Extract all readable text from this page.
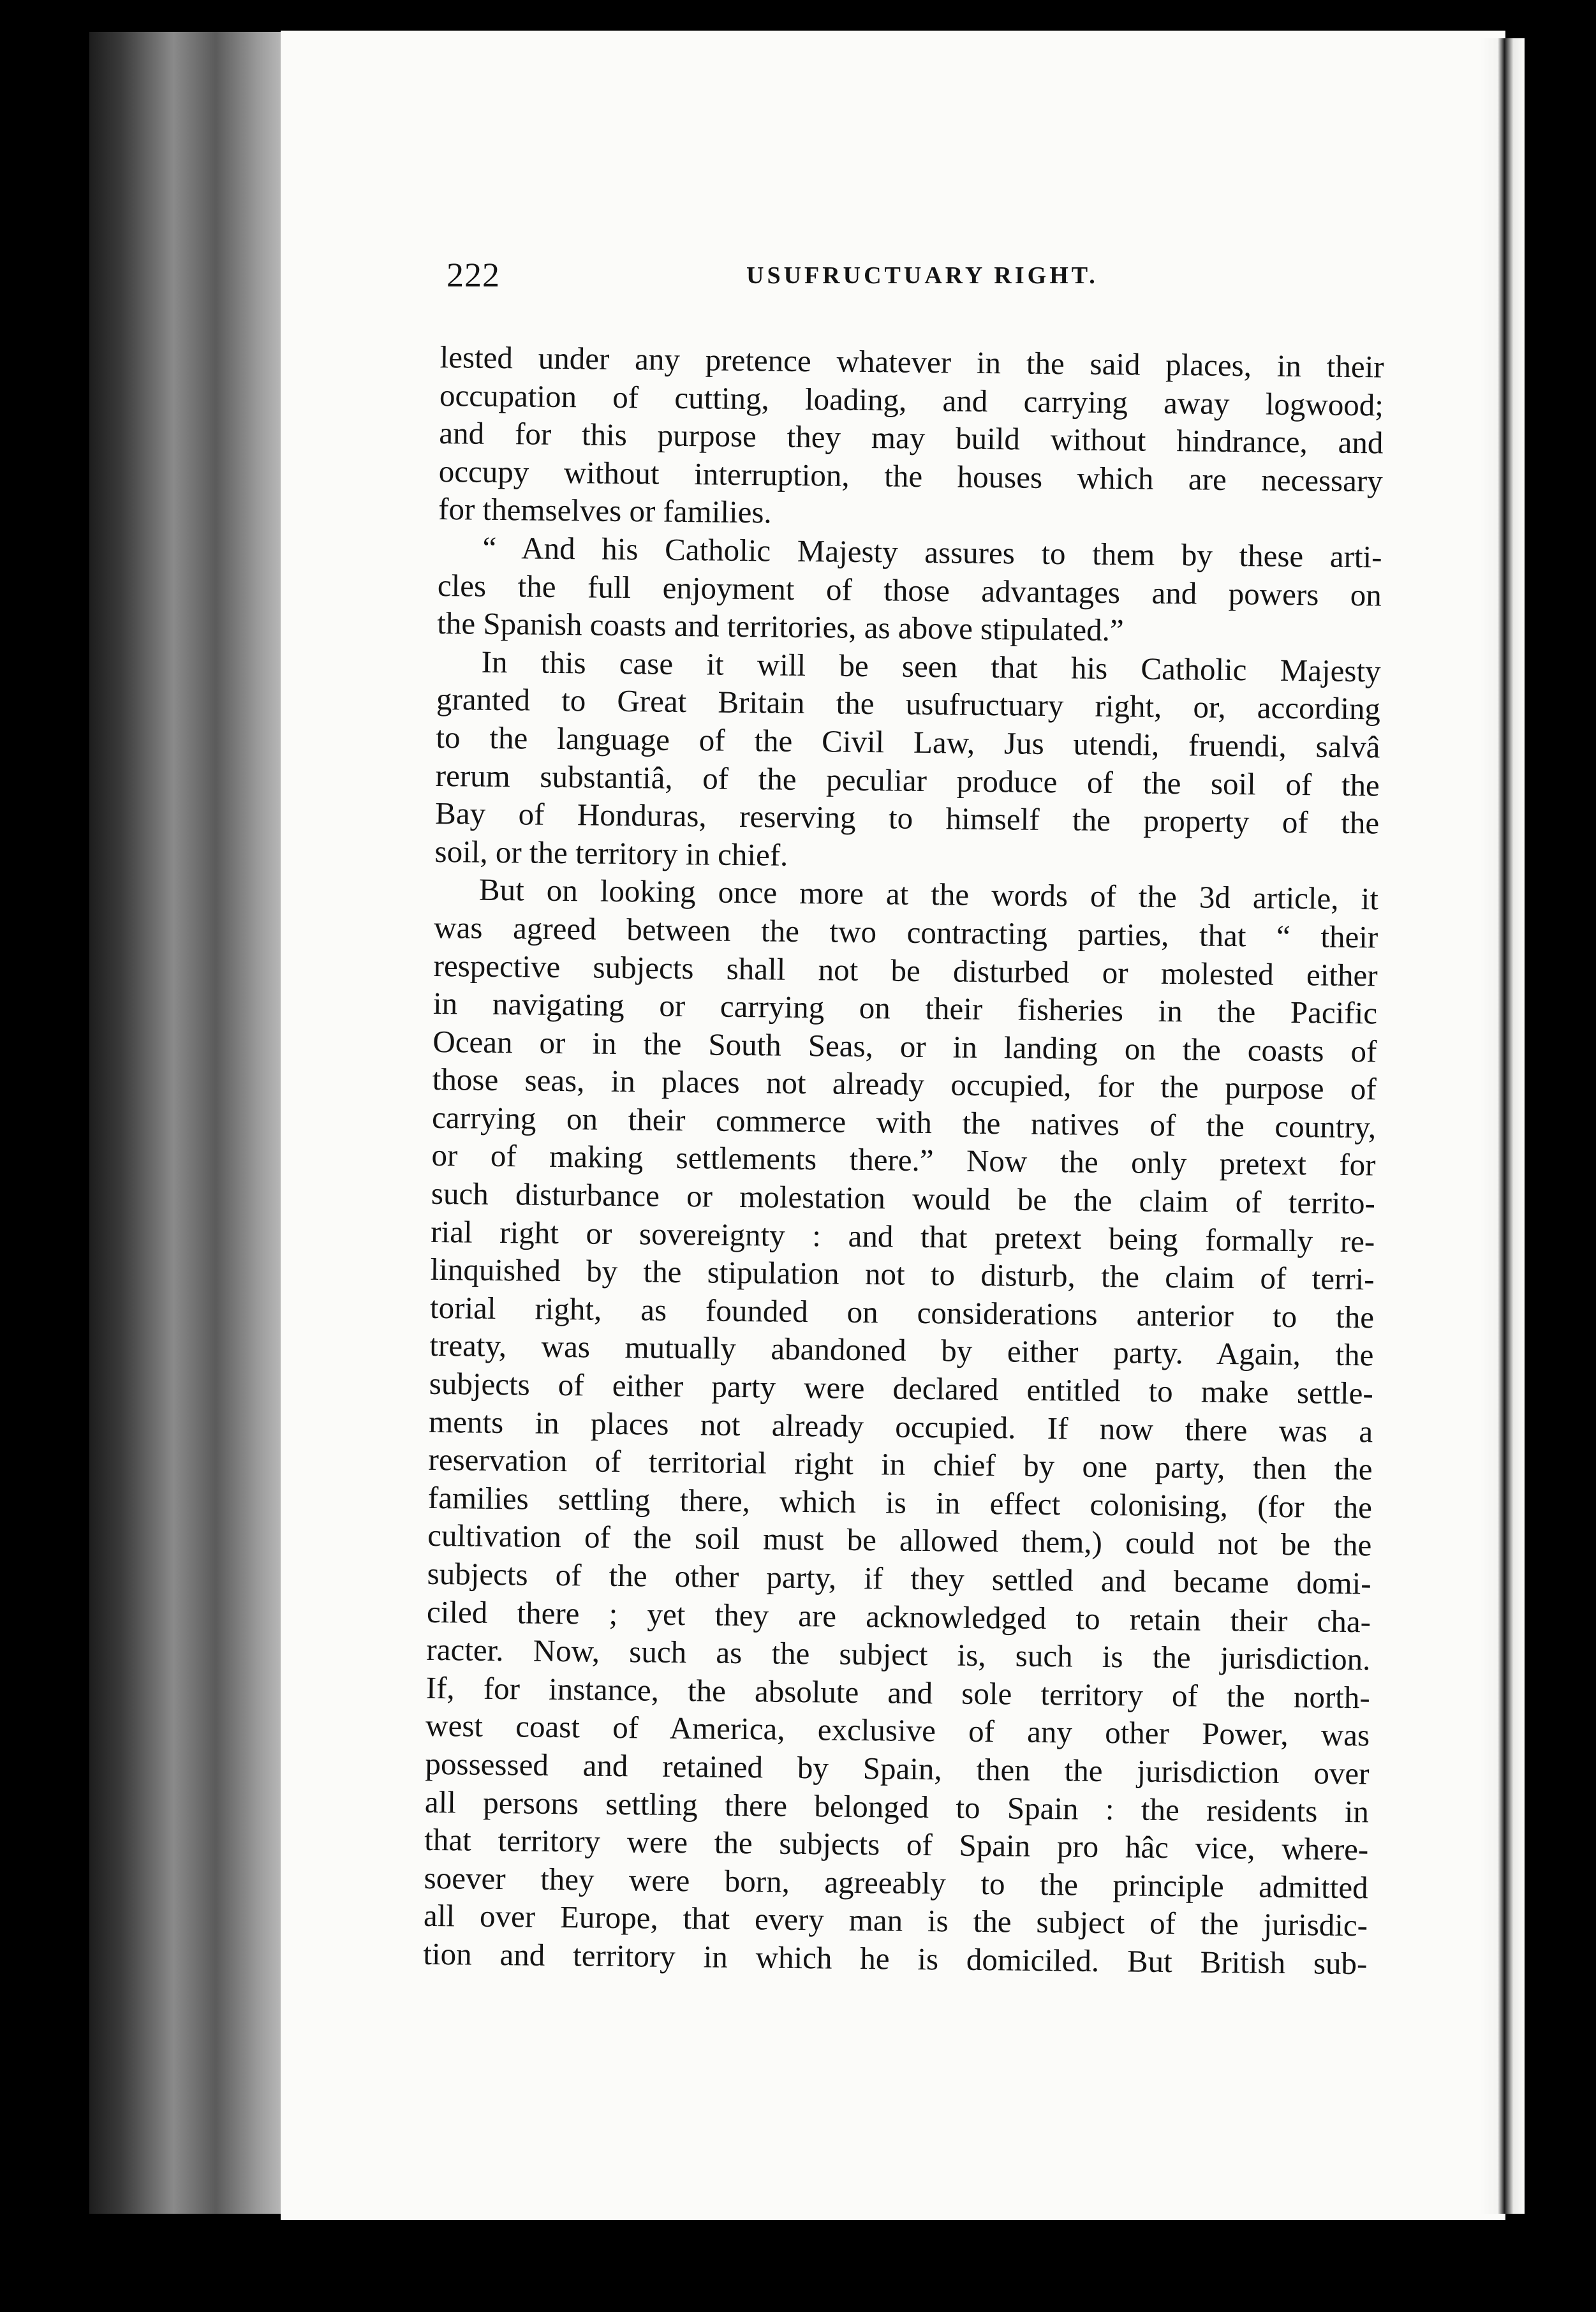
222	USUFRUCTUARY RIGHT.
lested under any pretence whatever in the said places, in their
occupation of cutting, loading, and carrying away logwood;
and for this purpose they may build without hindrance, and
occupy without interruption, the houses which are necessary
for themselves or families.
“ And his Catholic Majesty assures to them by these arti-
cles the full enjoyment of those advantages and powers on
the Spanish coasts and territories, as above stipulated.”
In this case it will be seen that his Catholic Majesty
granted to Great Britain the usufructuary right, or, according
to the language of the Civil Law, Jus utendi, fruendi, salvâ
rerum substantiâ, of the peculiar produce of the soil of the
Bay of Honduras, reserving to himself the property of the
soil, or the territory in chief.
But on looking once more at the words of the 3d article, it
was agreed between the two contracting parties, that “ their
respective subjects shall not be disturbed or molested either
in navigating or carrying on their fisheries in the Pacific
Ocean or in the South Seas, or in landing on the coasts of
those seas, in places not already occupied, for the purpose of
carrying on their commerce with the natives of the country,
or of making settlements there.” Now the only pretext for
such disturbance or molestation would be the claim of territo-
rial right or sovereignty : and that pretext being formally re-
linquished by the stipulation not to disturb, the claim of terri-
torial right, as founded on considerations anterior to the
treaty, was mutually abandoned by either party. Again, the
subjects of either party were declared entitled to make settle-
ments in places not already occupied. If now there was a
reservation of territorial right in chief by one party, then the
families settling there, which is in effect colonising, (for the
cultivation of the soil must be allowed them,) could not be the
subjects of the other party, if they settled and became domi-
ciled there ; yet they are acknowledged to retain their cha-
racter. Now, such as the subject is, such is the jurisdiction.
If, for instance, the absolute and sole territory of the north-
west coast of America, exclusive of any other Power, was
possessed and retained by Spain, then the jurisdiction over
all persons settling there belonged to Spain : the residents in
that territory were the subjects of Spain pro hâc vice, where-
soever they were born, agreeably to the principle admitted
all over Europe, that every man is the subject of the jurisdic-
tion and territory in which he is domiciled. But British sub-
